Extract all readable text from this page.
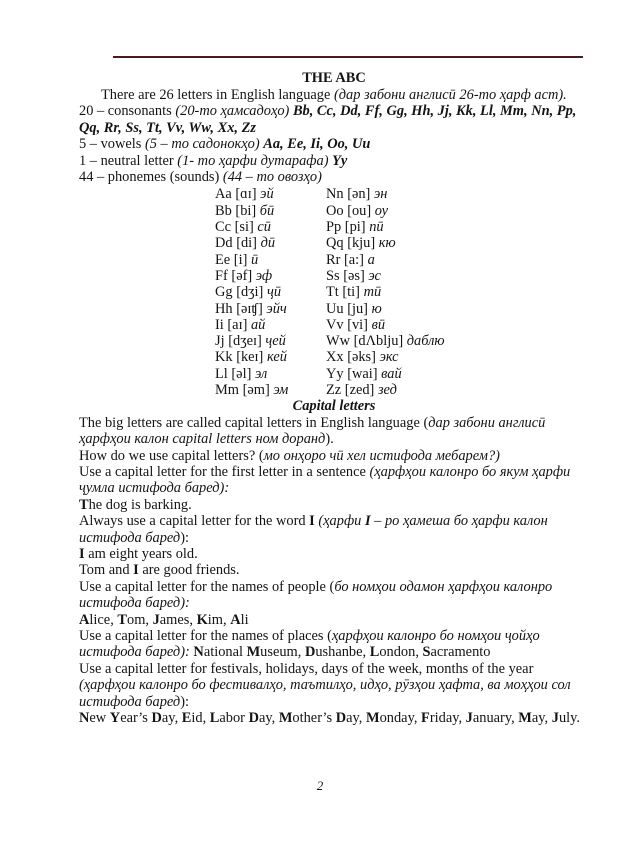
THE ABC

There are 26 letters in English language (дар забони англисӣ 26-то ҳарф аст).

20 – consonants (20-то ҳамсадоҳо) Bb, Cc, Dd, Ff, Gg, Hh, Jj, Kk, Ll, Mm, Nn, Pp, Qq, Rr, Ss, Tt, Vv, Ww, Xx, Zz

5 – vowels (5 – то садонокҳо) Aa, Ee, Ii, Oo, Uu

1 – neutral letter (1- то ҳарфи дутарафа) Yy

44 – phonemes (sounds) (44 – то овозҳо)

Aa [ɑɪ] эй	Nn [ən] эн
Bb [bi] бӣ	Oo [ou] оу
Cc [si] сӣ	Pp [pi] пӣ
Dd [di] дӣ	Qq [kju] кю
Ee [i] ӣ	Rr [a:] а
Ff [əf] эф	Ss [əs] эс
Gg [dʒi] ҷӣ	Tt [ti] тӣ
Hh [əɪʧ] эйч	Uu [ju] ю
Ii [aɪ] ай	Vv [vi] вӣ
Jj [dʒeɪ] ҷей	Ww [dΛblju] даблю
Kk [keɪ] кей	Xx [əks] экс
Ll [əl] эл	Yy [wai] вай
Mm [əm] эм	Zz [zed] зед

Capital letters

The big letters are called capital letters in English language (дар забони англисӣ ҳарфҳои калон capital letters ном доранд).

How do we use capital letters? (мо онҳоро чӣ хел истифода мебарем?)

Use a capital letter for the first letter in a sentence (ҳарфҳои калонро бо якум ҳарфи ҷумла истифода баред):

The dog is barking.

Always use a capital letter for the word I (ҳарфи I – ро ҳамеша бо ҳарфи калон истифода баред):

I am eight years old.

Tom and I are good friends.

Use a capital letter for the names of people (бо номҳои одамон ҳарфҳои калонро истифода баред):

Alice, Tom, James, Kim, Ali

Use a capital letter for the names of places (ҳарфҳои калонро бо номҳои ҷойҳо истифода баред): National Museum, Dushanbe, London, Sacramento

Use a capital letter for festivals, holidays, days of the week, months of the year (ҳарфҳои калонро бо фестивалҳо, таътилҳо, идҳо, рӯзҳои ҳафта, ва моҳҳои сол истифода баред):

New Year’s Day, Eid, Labor Day, Mother’s Day, Monday, Friday, January, May, July.

2
